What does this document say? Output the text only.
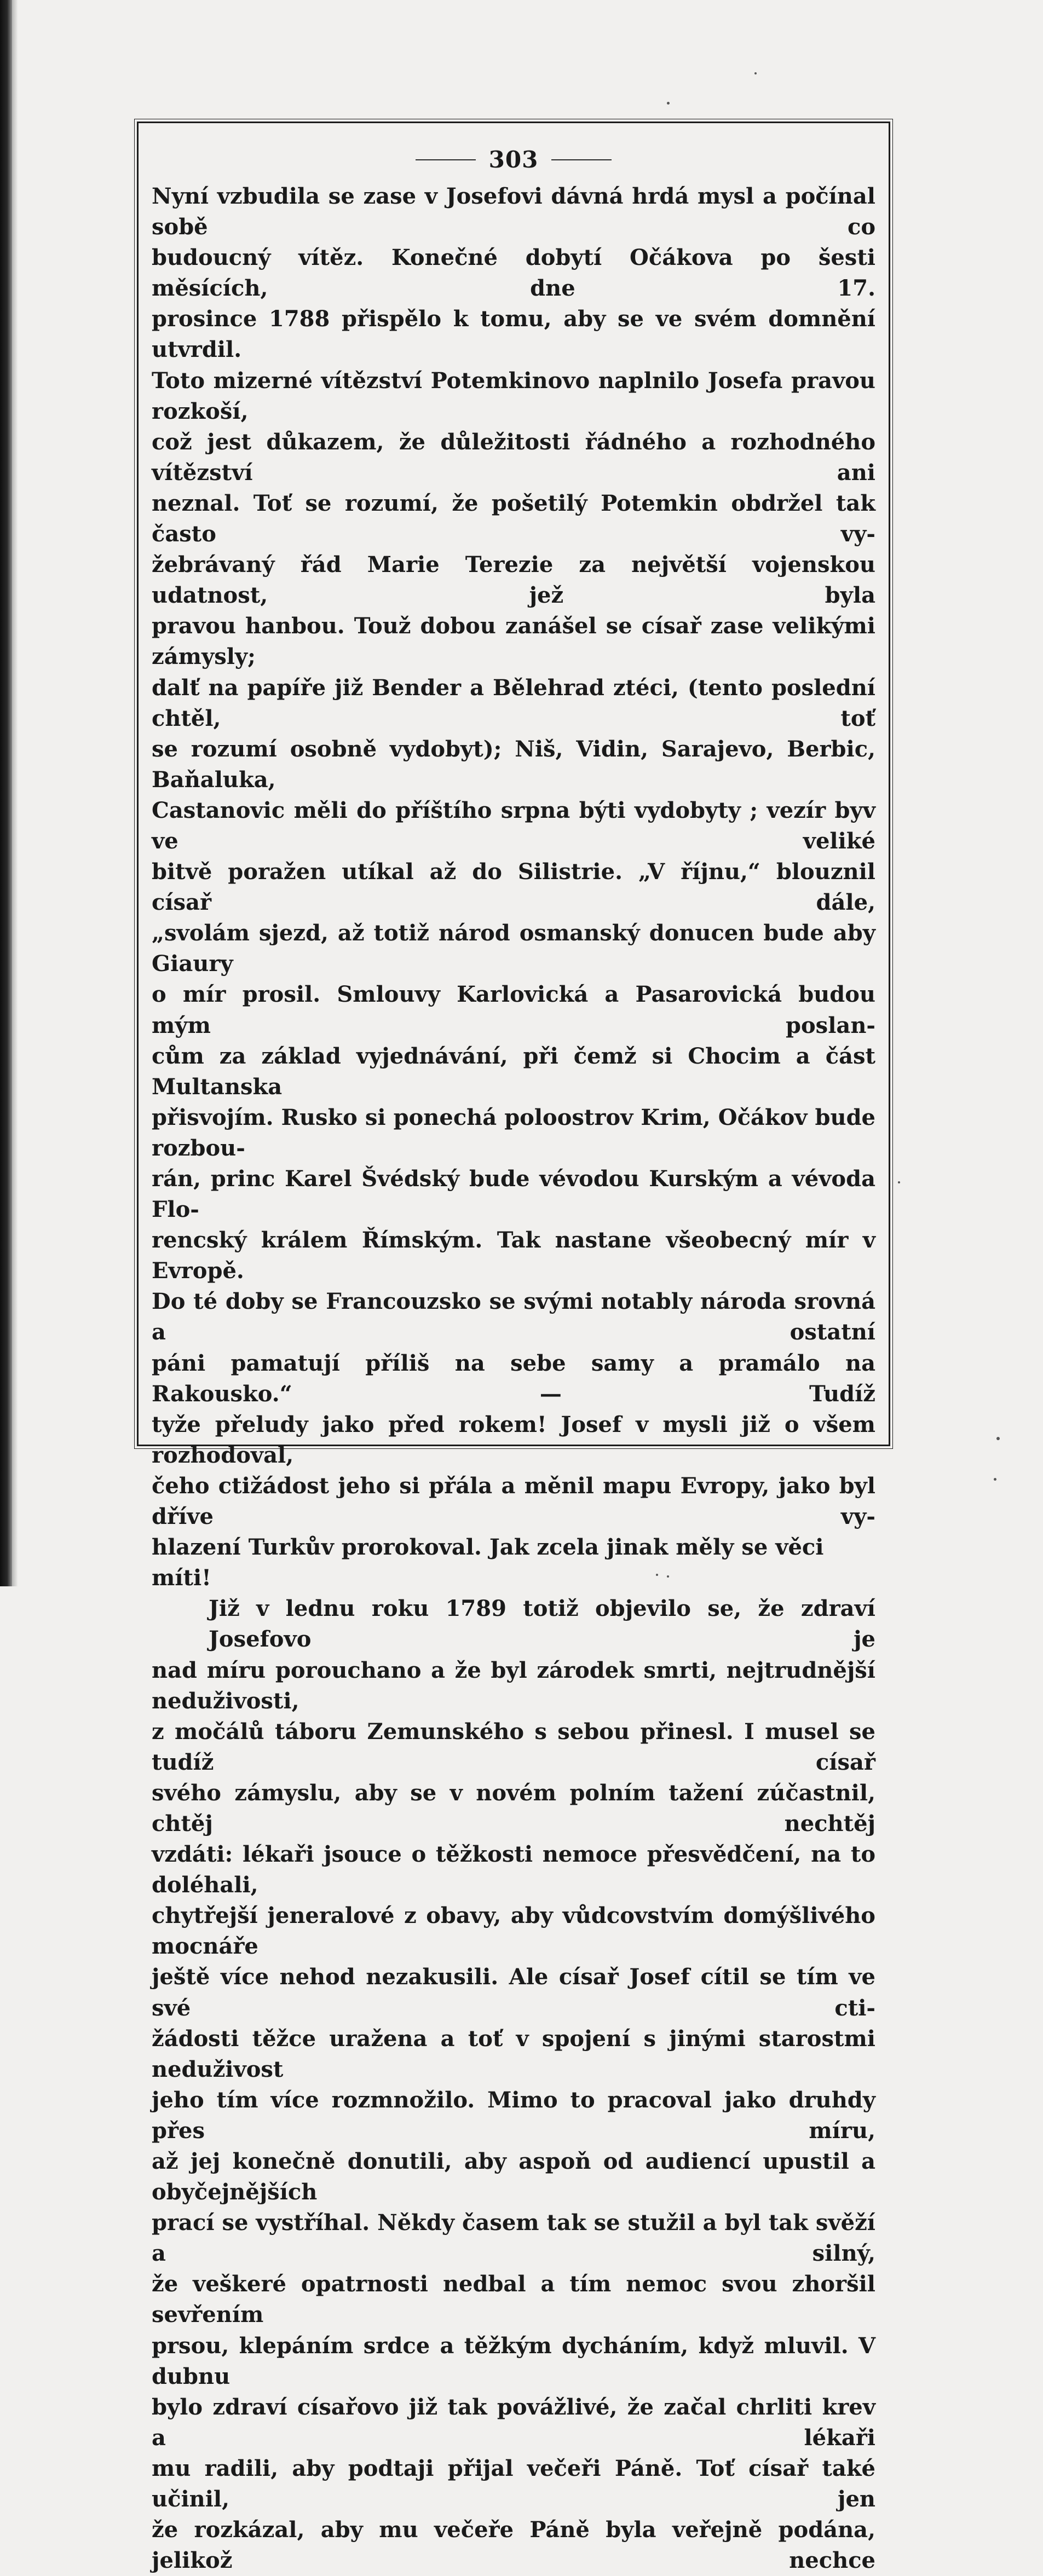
303
Nyní vzbudila se zase v Josefovi dávná hrdá mysl a počínal sobě co
budoucný vítěz. Konečné dobytí Očákova po šesti měsících, dne 17.
prosince 1788 přispělo k tomu, aby se ve svém domnění utvrdil.
Toto mizerné vítězství Potemkinovo naplnilo Josefa pravou rozkoší,
což jest důkazem, že důležitosti řádného a rozhodného vítězství ani
neznal. Toť se rozumí, že pošetilý Potemkin obdržel tak často vy-
žebrávaný řád Marie Terezie za největší vojenskou udatnost, jež byla
pravou hanbou. Touž dobou zanášel se císař zase velikými zámysly;
dalť na papíře již Bender a Bělehrad ztéci, (tento poslední chtěl, toť
se rozumí osobně vydobyt); Niš, Vidin, Sarajevo, Berbic, Baňaluka,
Castanovic měli do příštího srpna býti vydobyty ; vezír byv ve veliké
bitvě poražen utíkal až do Silistrie. „V říjnu,“ blouznil císař dále,
„svolám sjezd, až totiž národ osmanský donucen bude aby Giaury
o mír prosil. Smlouvy Karlovická a Pasarovická budou mým poslan-
cům za základ vyjednávání, při čemž si Chocim a část Multanska
přisvojím. Rusko si ponechá poloostrov Krim, Očákov bude rozbou-
rán, princ Karel Švédský bude vévodou Kurským a vévoda Flo-
rencský králem Římským. Tak nastane všeobecný mír v Evropě.
Do té doby se Francouzsko se svými notably národa srovná a ostatní
páni pamatují příliš na sebe samy a pramálo na Rakousko.“ — Tudíž
tyže přeludy jako před rokem! Josef v mysli již o všem rozhodoval,
čeho ctižádost jeho si přála a měnil mapu Evropy, jako byl dříve vy-
hlazení Turkův prorokoval. Jak zcela jinak měly se věci míti!
Již v lednu roku 1789 totiž objevilo se, že zdraví Josefovo je
nad míru porouchano a že byl zárodek smrti, nejtrudnější neduživosti,
z močálů táboru Zemunského s sebou přinesl. I musel se tudíž císař
svého zámyslu, aby se v novém polním tažení zúčastnil, chtěj nechtěj
vzdáti: lékaři jsouce o těžkosti nemoce přesvědčení, na to doléhali,
chytřejší jeneralové z obavy, aby vůdcovstvím domýšlivého mocnáře
ještě více nehod nezakusili. Ale císař Josef cítil se tím ve své cti-
žádosti těžce uražena a toť v spojení s jinými starostmi neduživost
jeho tím více rozmnožilo. Mimo to pracoval jako druhdy přes míru,
až jej konečně donutili, aby aspoň od audiencí upustil a obyčejnějších
prací se vystříhal. Někdy časem tak se stužil a byl tak svěží a silný,
že veškeré opatrnosti nedbal a tím nemoc svou zhoršil sevřením
prsou, klepáním srdce a těžkým dycháním, když mluvil. V dubnu
bylo zdraví císařovo již tak povážlivé, že začal chrliti krev a lékaři
mu radili, aby podtaji přijal večeři Páně. Toť císař také učinil, jen
že rozkázal, aby mu večeře Páně byla veřejně podána, jelikož nechce
